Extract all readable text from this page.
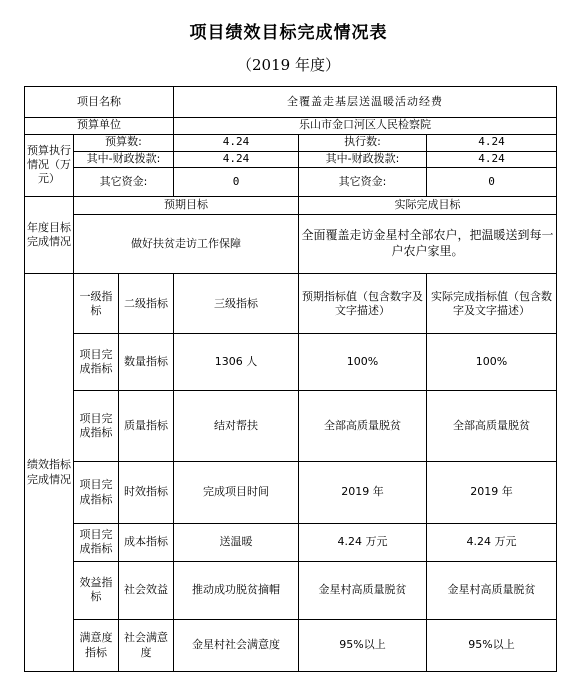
项目绩效目标完成情况表
（2019 年度）
项目名称			全覆盖走基层送温暖活动经费		
预算单位			乐山市金口河区人民检察院		
预算执行情况（万元）	预算数:		4.24	执行数:	4.24
	其中-财政拨款:		4.24	其中-财政拨款:	4.24
	其它资金:		0	其它资金:	0
年度目标完成情况	预期目标			实际完成目标	
	做好扶贫走访工作保障			全面覆盖走访金星村全部农户，把温暖送到每一户农户家里。	
绩效指标完成情况	一级指标	二级指标	三级指标	预期指标值（包含数字及文字描述）	实际完成指标值（包含数字及文字描述）
	项目完成指标	数量指标	1306 人	100%	100%
	项目完成指标	质量指标	结对帮扶	全部高质量脱贫	全部高质量脱贫
	项目完成指标	时效指标	完成项目时间	2019 年	2019 年
	项目完成指标	成本指标	送温暖	4.24 万元	4.24 万元
	效益指标	社会效益	推动成功脱贫摘帽	金星村高质量脱贫	金星村高质量脱贫
	满意度指标	社会满意度	金星村社会满意度	95%以上	95%以上
